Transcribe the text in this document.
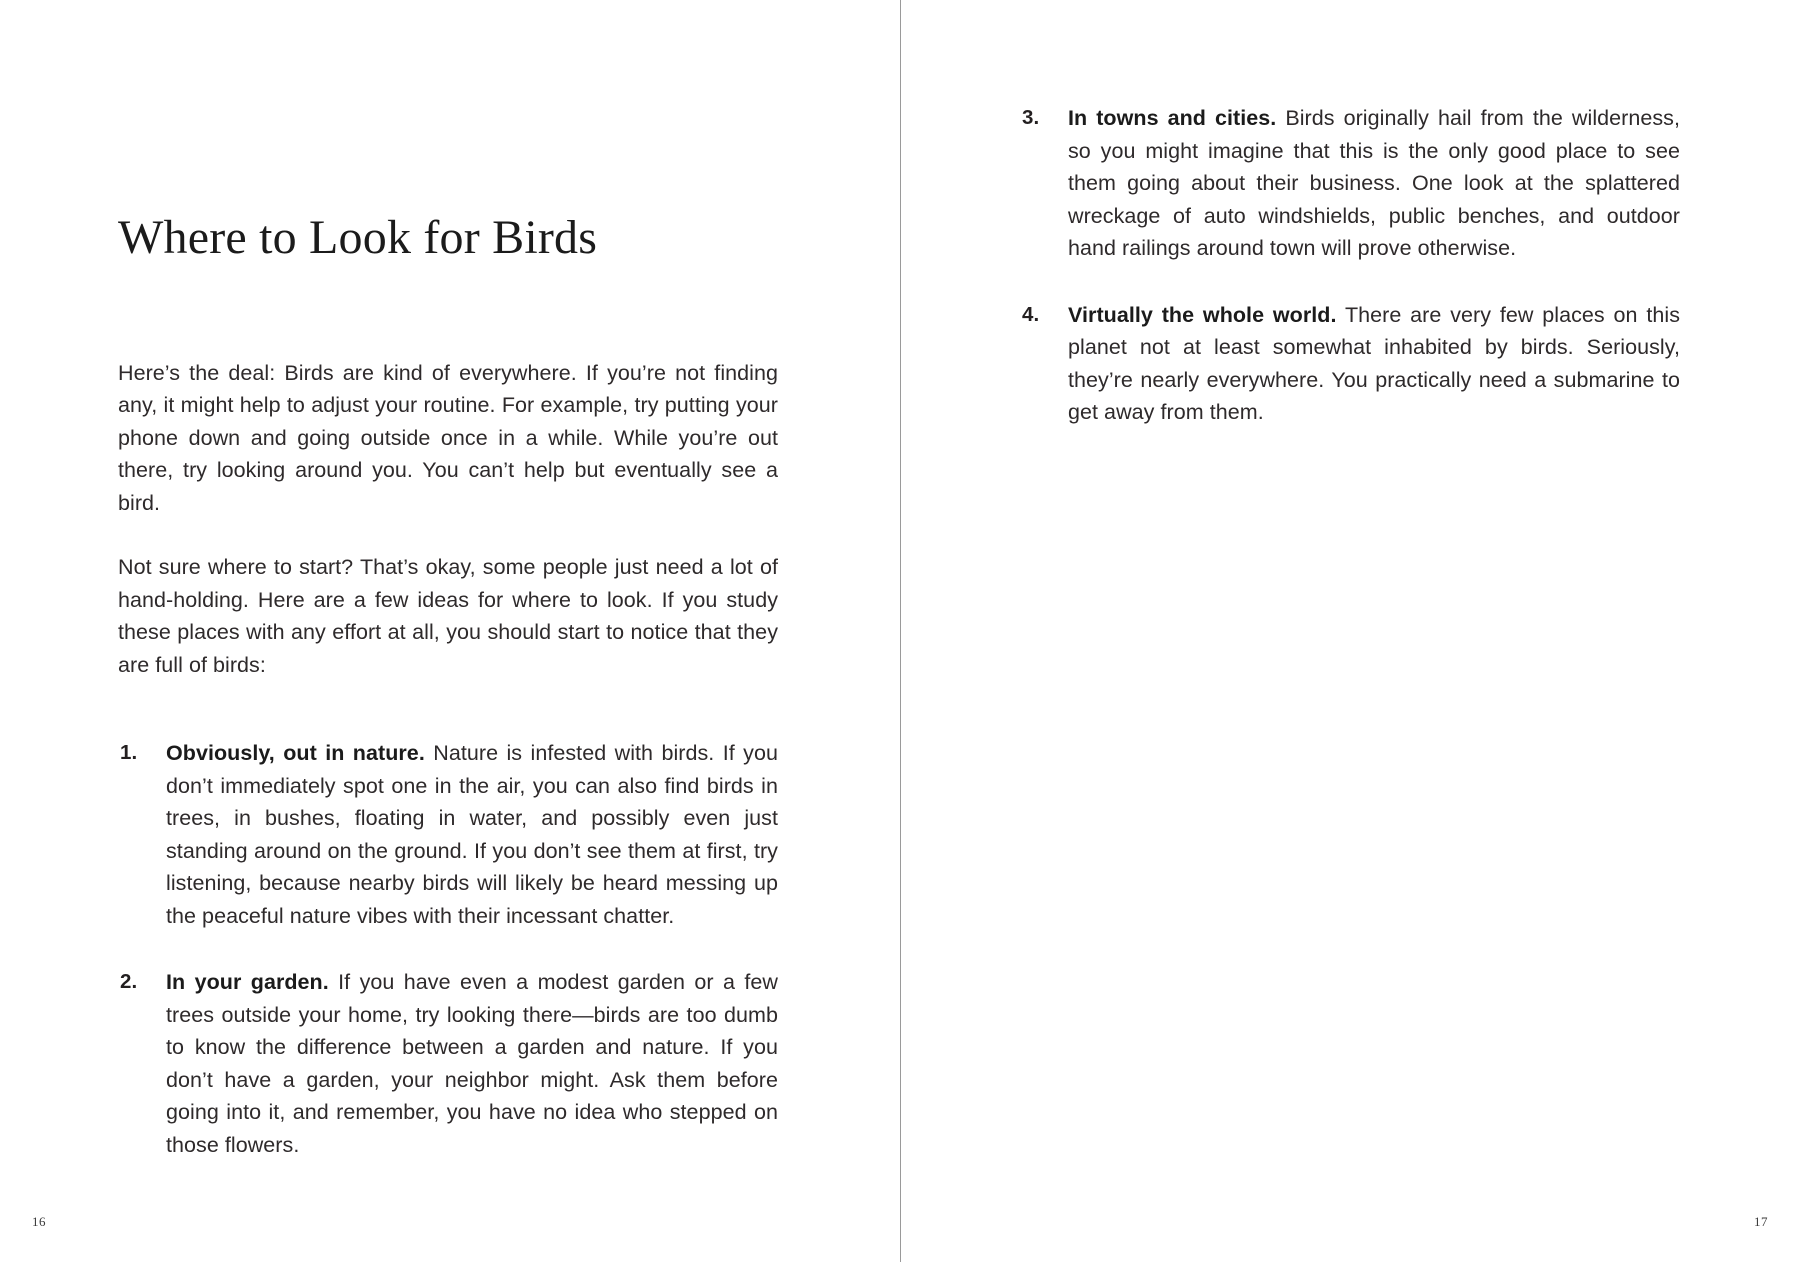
Where to Look for Birds

Here’s the deal: Birds are kind of everywhere. If you’re not finding any, it might help to adjust your routine. For example, try putting your phone down and going outside once in a while. While you’re out there, try looking around you. You can’t help but eventually see a bird.

Not sure where to start? That’s okay, some people just need a lot of hand-holding. Here are a few ideas for where to look. If you study these places with any effort at all, you should start to notice that they are full of birds:

1. Obviously, out in nature. Nature is infested with birds. If you don’t immediately spot one in the air, you can also find birds in trees, in bushes, floating in water, and possibly even just standing around on the ground. If you don’t see them at first, try listening, because nearby birds will likely be heard messing up the peaceful nature vibes with their incessant chatter.
2. In your garden. If you have even a modest garden or a few trees outside your home, try looking there—birds are too dumb to know the difference between a garden and nature. If you don’t have a garden, your neighbor might. Ask them before going into it, and remember, you have no idea who stepped on those flowers.
16
3. In towns and cities. Birds originally hail from the wilderness, so you might imagine that this is the only good place to see them going about their business. One look at the splattered wreckage of auto windshields, public benches, and outdoor hand railings around town will prove otherwise.
4. Virtually the whole world. There are very few places on this planet not at least somewhat inhabited by birds. Seriously, they’re nearly everywhere. You practically need a submarine to get away from them.
17
